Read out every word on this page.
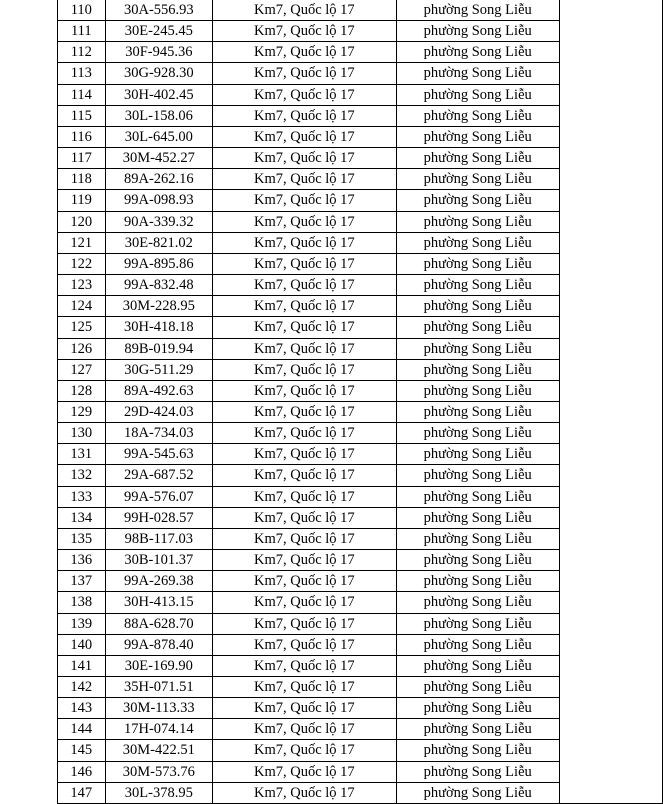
110	30A-556.93	Km7, Quốc lộ 17	phường Song Liễu	
111	30E-245.45	Km7, Quốc lộ 17	phường Song Liễu	
112	30F-945.36	Km7, Quốc lộ 17	phường Song Liễu	
113	30G-928.30	Km7, Quốc lộ 17	phường Song Liễu	
114	30H-402.45	Km7, Quốc lộ 17	phường Song Liễu	
115	30L-158.06	Km7, Quốc lộ 17	phường Song Liễu	
116	30L-645.00	Km7, Quốc lộ 17	phường Song Liễu	
117	30M-452.27	Km7, Quốc lộ 17	phường Song Liễu	
118	89A-262.16	Km7, Quốc lộ 17	phường Song Liễu	
119	99A-098.93	Km7, Quốc lộ 17	phường Song Liễu	
120	90A-339.32	Km7, Quốc lộ 17	phường Song Liễu	
121	30E-821.02	Km7, Quốc lộ 17	phường Song Liễu	
122	99A-895.86	Km7, Quốc lộ 17	phường Song Liễu	
123	99A-832.48	Km7, Quốc lộ 17	phường Song Liễu	
124	30M-228.95	Km7, Quốc lộ 17	phường Song Liễu	
125	30H-418.18	Km7, Quốc lộ 17	phường Song Liễu	
126	89B-019.94	Km7, Quốc lộ 17	phường Song Liễu	
127	30G-511.29	Km7, Quốc lộ 17	phường Song Liễu	
128	89A-492.63	Km7, Quốc lộ 17	phường Song Liễu	
129	29D-424.03	Km7, Quốc lộ 17	phường Song Liễu	
130	18A-734.03	Km7, Quốc lộ 17	phường Song Liễu	
131	99A-545.63	Km7, Quốc lộ 17	phường Song Liễu	
132	29A-687.52	Km7, Quốc lộ 17	phường Song Liễu	
133	99A-576.07	Km7, Quốc lộ 17	phường Song Liễu	
134	99H-028.57	Km7, Quốc lộ 17	phường Song Liễu	
135	98B-117.03	Km7, Quốc lộ 17	phường Song Liễu	
136	30B-101.37	Km7, Quốc lộ 17	phường Song Liễu	
137	99A-269.38	Km7, Quốc lộ 17	phường Song Liễu	
138	30H-413.15	Km7, Quốc lộ 17	phường Song Liễu	
139	88A-628.70	Km7, Quốc lộ 17	phường Song Liễu	
140	99A-878.40	Km7, Quốc lộ 17	phường Song Liễu	
141	30E-169.90	Km7, Quốc lộ 17	phường Song Liễu	
142	35H-071.51	Km7, Quốc lộ 17	phường Song Liễu	
143	30M-113.33	Km7, Quốc lộ 17	phường Song Liễu	
144	17H-074.14	Km7, Quốc lộ 17	phường Song Liễu	
145	30M-422.51	Km7, Quốc lộ 17	phường Song Liễu	
146	30M-573.76	Km7, Quốc lộ 17	phường Song Liễu	
147	30L-378.95	Km7, Quốc lộ 17	phường Song Liễu	
